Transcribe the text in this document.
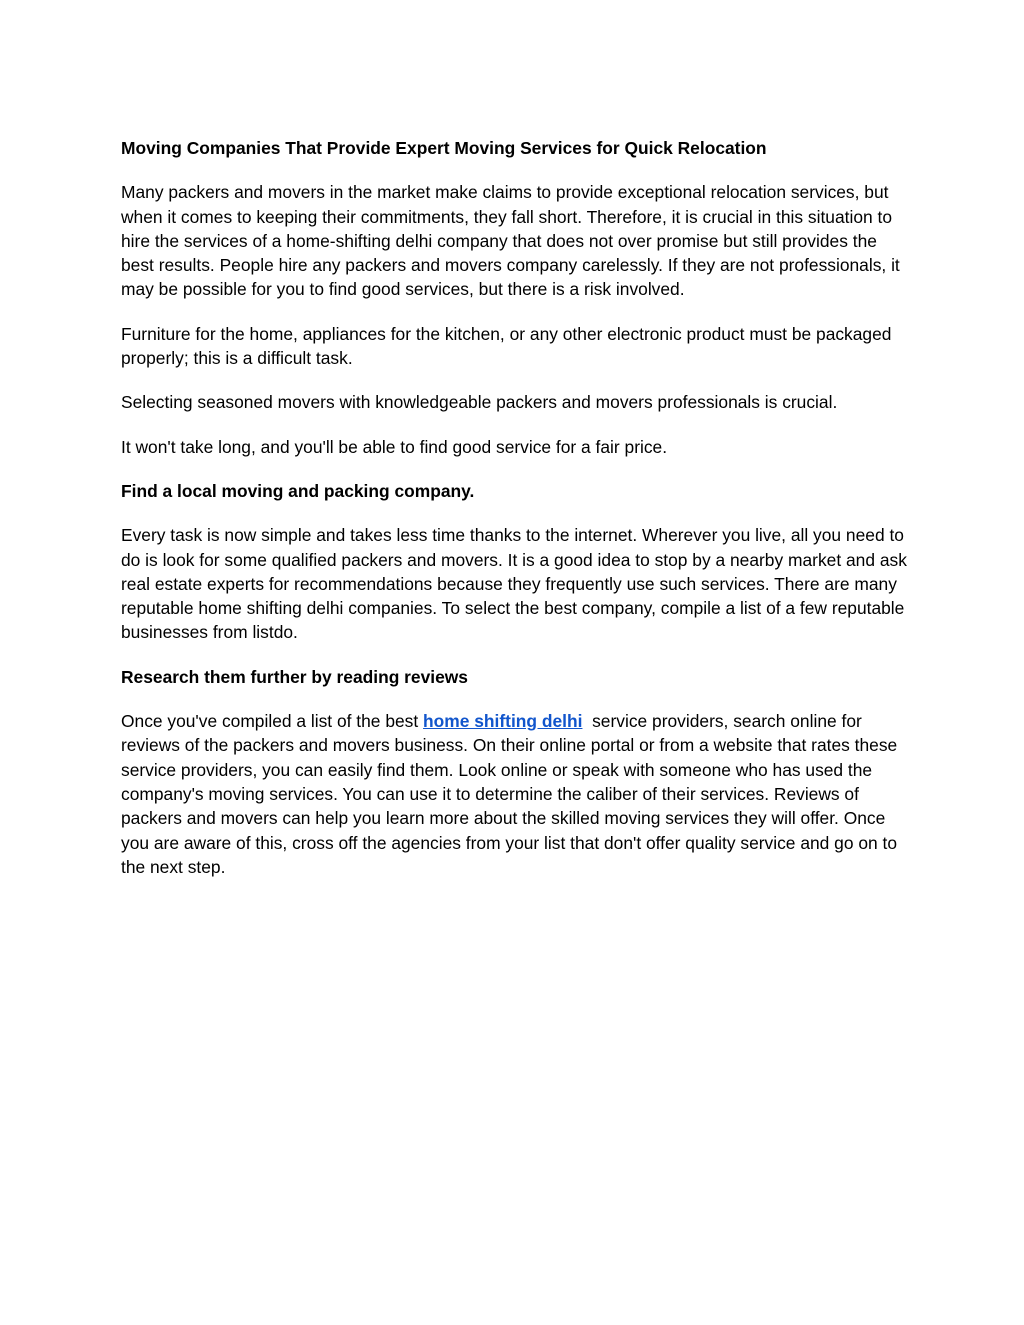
Moving Companies That Provide Expert Moving Services for Quick Relocation

Many packers and movers in the market make claims to provide exceptional relocation services, but when it comes to keeping their commitments, they fall short. Therefore, it is crucial in this situation to hire the services of a home-shifting delhi company that does not over promise but still provides the best results. People hire any packers and movers company carelessly. If they are not professionals, it may be possible for you to find good services, but there is a risk involved.

Furniture for the home, appliances for the kitchen, or any other electronic product must be packaged properly; this is a difficult task.

Selecting seasoned movers with knowledgeable packers and movers professionals is crucial.

It won't take long, and you'll be able to find good service for a fair price.

Find a local moving and packing company.

Every task is now simple and takes less time thanks to the internet. Wherever you live, all you need to do is look for some qualified packers and movers. It is a good idea to stop by a nearby market and ask real estate experts for recommendations because they frequently use such services. There are many reputable home shifting delhi companies. To select the best company, compile a list of a few reputable businesses from listdo.

Research them further by reading reviews

Once you've compiled a list of the best home shifting delhi  service providers, search online for reviews of the packers and movers business. On their online portal or from a website that rates these service providers, you can easily find them. Look online or speak with someone who has used the company's moving services. You can use it to determine the caliber of their services. Reviews of packers and movers can help you learn more about the skilled moving services they will offer. Once you are aware of this, cross off the agencies from your list that don't offer quality service and go on to the next step.
